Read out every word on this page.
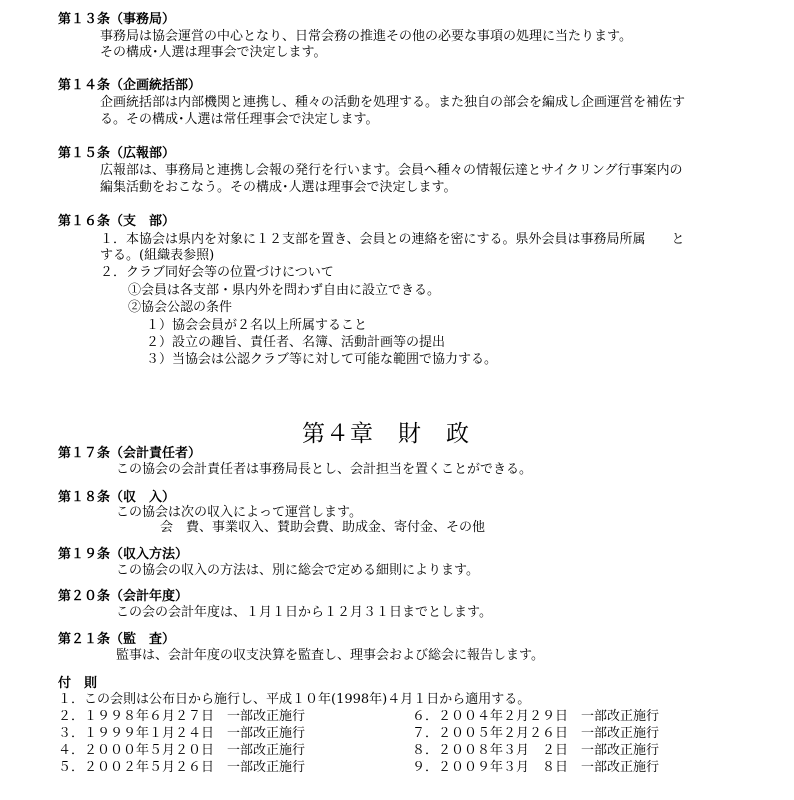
第１３条（事務局）
事務局は協会運営の中心となり、日常会務の推進その他の必要な事項の処理に当たります。
その構成･人選は理事会で決定します。
第１４条（企画統括部）
企画統括部は内部機関と連携し、種々の活動を処理する。また独自の部会を編成し企画運営を補佐す
る。その構成･人選は常任理事会で決定します。
第１５条（広報部）
広報部は、事務局と連携し会報の発行を行います。会員へ種々の情報伝達とサイクリング行事案内の
編集活動をおこなう。その構成･人選は理事会で決定します。
第１６条（支　部）
１．本協会は県内を対象に１２支部を置き、会員との連絡を密にする。県外会員は事務局所属　　と
する。(組織表参照)
２．クラブ同好会等の位置づけについて
①会員は各支部・県内外を問わず自由に設立できる。
②協会公認の条件
１）協会会員が２名以上所属すること
２）設立の趣旨、責任者、名簿、活動計画等の提出
３）当協会は公認クラブ等に対して可能な範囲で協力する。
第４章　財　政
第１７条（会計責任者）
この協会の会計責任者は事務局長とし、会計担当を置くことができる。
第１８条（収　入）
この協会は次の収入によって運営します。
会　費、事業収入、賛助会費、助成金、寄付金、その他
第１９条（収入方法）
この協会の収入の方法は、別に総会で定める細則によります。
第２０条（会計年度）
この会の会計年度は、１月１日から１２月３１日までとします。
第２１条（監　査）
監事は、会計年度の収支決算を監査し、理事会および総会に報告します。
付　則
１．この会則は公布日から施行し、平成１０年(1998年)４月１日から適用する。
２．１９９８年６月２７日　一部改正施行
３．１９９９年１月２４日　一部改正施行
４．２０００年５月２０日　一部改正施行
５．２００２年５月２６日　一部改正施行
６．２００４年２月２９日　一部改正施行
７．２００５年２月２６日　一部改正施行
８．２００８年３月　２日　一部改正施行
９．２００９年３月　８日　一部改正施行
